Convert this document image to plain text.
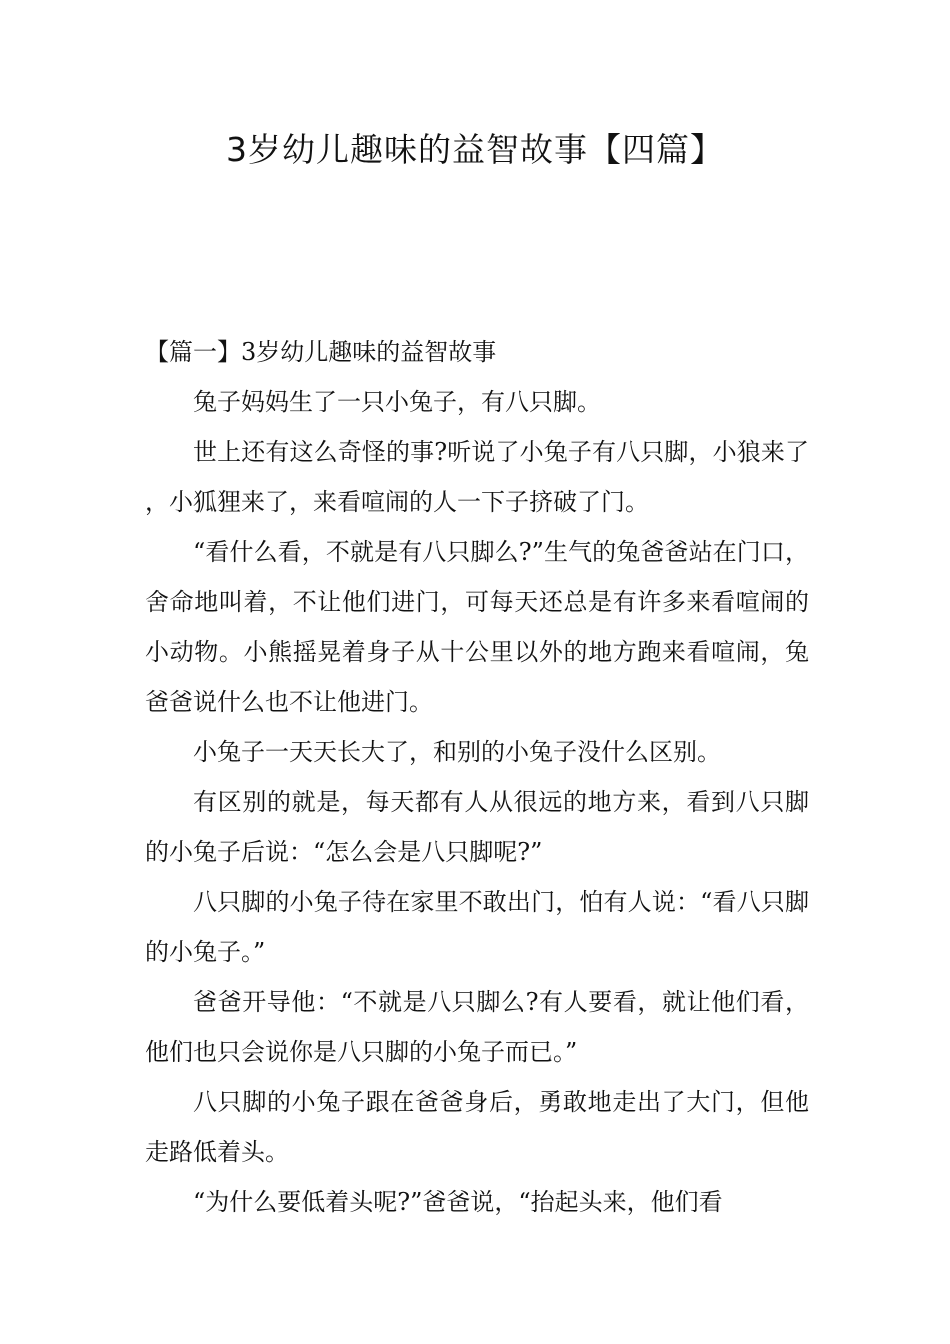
3岁幼儿趣味的益智故事【四篇】

【篇一】3岁幼儿趣味的益智故事

兔子妈妈生了一只小兔子，有八只脚。

世上还有这么奇怪的事?听说了小兔子有八只脚，小狼来了，小狐狸来了，来看喧闹的人一下子挤破了门。

“看什么看，不就是有八只脚么?”生气的兔爸爸站在门口，舍命地叫着，不让他们进门，可每天还总是有许多来看喧闹的小动物。小熊摇晃着身子从十公里以外的地方跑来看喧闹，兔爸爸说什么也不让他进门。

小兔子一天天长大了，和别的小兔子没什么区别。

有区别的就是，每天都有人从很远的地方来，看到八只脚的小兔子后说：“怎么会是八只脚呢?”

八只脚的小兔子待在家里不敢出门，怕有人说：“看八只脚的小兔子。”

爸爸开导他：“不就是八只脚么?有人要看，就让他们看，他们也只会说你是八只脚的小兔子而已。”

八只脚的小兔子跟在爸爸身后，勇敢地走出了大门，但他走路低着头。

“为什么要低着头呢?”爸爸说，“抬起头来，他们看
